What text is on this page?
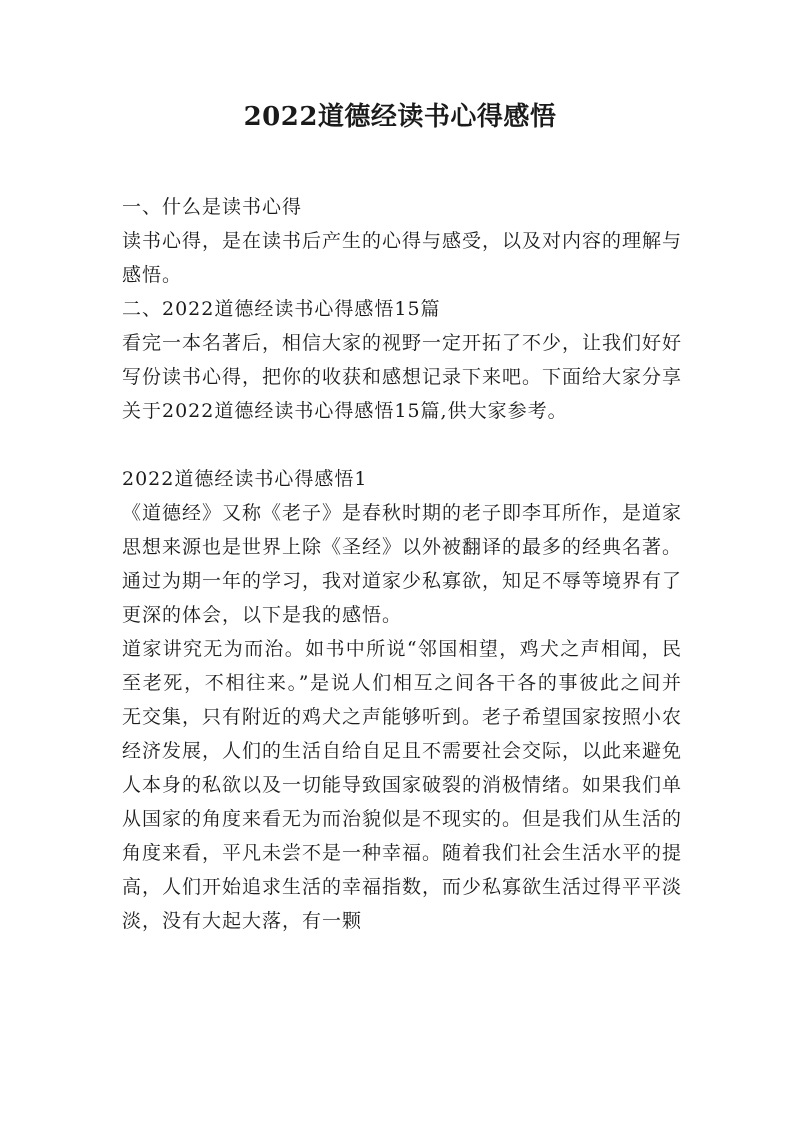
2022道德经读书心得感悟

一、什么是读书心得

读书心得，是在读书后产生的心得与感受，以及对内容的理解与感悟。

二、2022道德经读书心得感悟15篇

看完一本名著后，相信大家的视野一定开拓了不少，让我们好好写份读书心得，把你的收获和感想记录下来吧。下面给大家分享关于2022道德经读书心得感悟15篇,供大家参考。

2022道德经读书心得感悟1

《道德经》又称《老子》是春秋时期的老子即李耳所作，是道家思想来源也是世界上除《圣经》以外被翻译的最多的经典名著。通过为期一年的学习，我对道家少私寡欲，知足不辱等境界有了更深的体会，以下是我的感悟。

道家讲究无为而治。如书中所说“邻国相望，鸡犬之声相闻，民至老死，不相往来。”是说人们相互之间各干各的事彼此之间并无交集，只有附近的鸡犬之声能够听到。老子希望国家按照小农经济发展，人们的生活自给自足且不需要社会交际，以此来避免人本身的私欲以及一切能导致国家破裂的消极情绪。如果我们单从国家的角度来看无为而治貌似是不现实的。但是我们从生活的角度来看，平凡未尝不是一种幸福。随着我们社会生活水平的提高，人们开始追求生活的幸福指数，而少私寡欲生活过得平平淡淡，没有大起大落，有一颗
